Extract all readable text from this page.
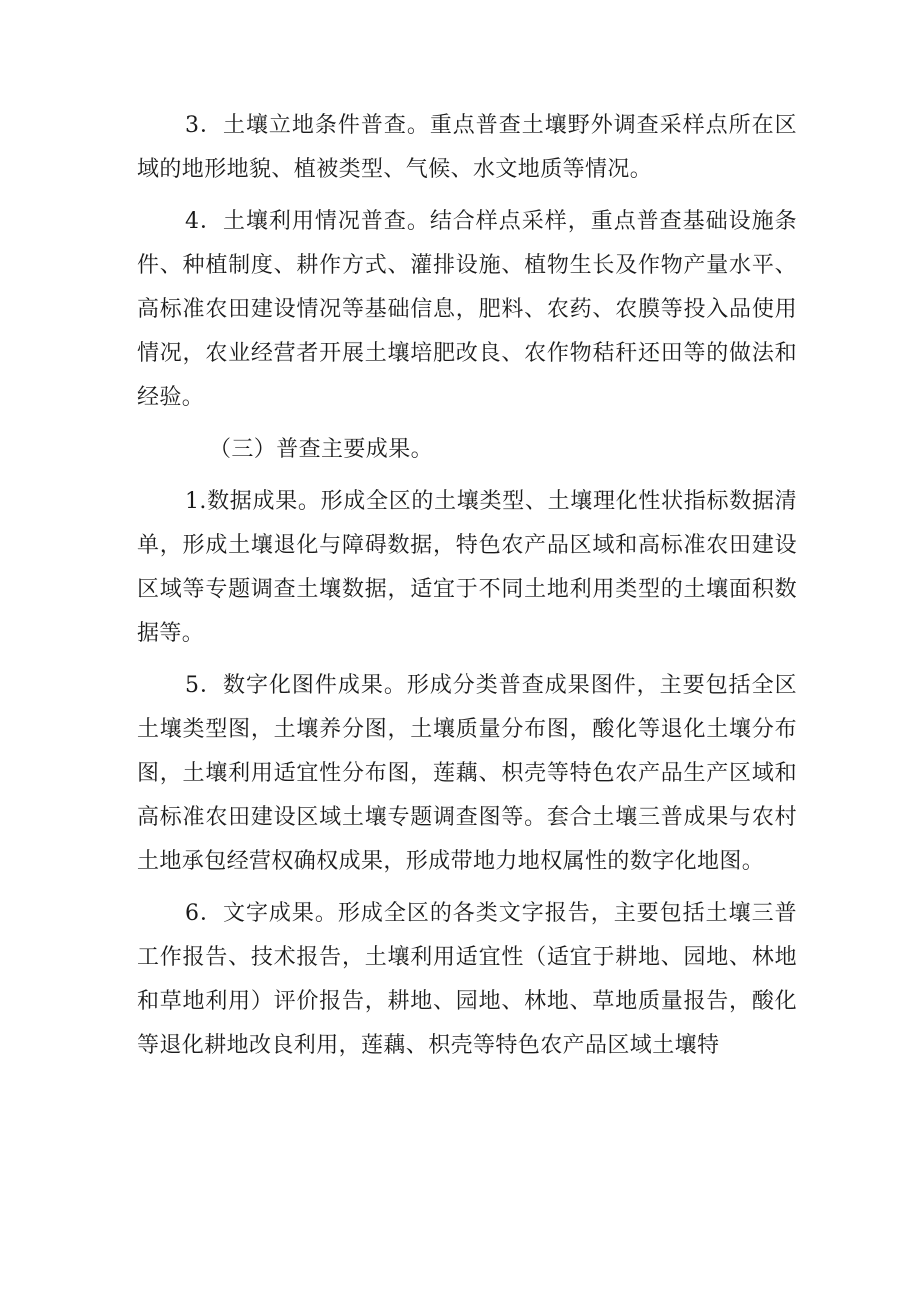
3．土壤立地条件普查。重点普查土壤野外调查采样点所在区域的地形地貌、植被类型、气候、水文地质等情况。

4．土壤利用情况普查。结合样点采样，重点普查基础设施条件、种植制度、耕作方式、灌排设施、植物生长及作物产量水平、高标准农田建设情况等基础信息，肥料、农药、农膜等投入品使用情况，农业经营者开展土壤培肥改良、农作物秸秆还田等的做法和经验。

（三）普查主要成果。

1.数据成果。形成全区的土壤类型、土壤理化性状指标数据清单，形成土壤退化与障碍数据，特色农产品区域和高标准农田建设区域等专题调查土壤数据，适宜于不同土地利用类型的土壤面积数据等。

5．数字化图件成果。形成分类普查成果图件，主要包括全区土壤类型图，土壤养分图，土壤质量分布图，酸化等退化土壤分布图，土壤利用适宜性分布图，莲藕、枳壳等特色农产品生产区域和高标准农田建设区域土壤专题调查图等。套合土壤三普成果与农村土地承包经营权确权成果，形成带地力地权属性的数字化地图。

6．文字成果。形成全区的各类文字报告，主要包括土壤三普工作报告、技术报告，土壤利用适宜性（适宜于耕地、园地、林地和草地利用）评价报告，耕地、园地、林地、草地质量报告，酸化等退化耕地改良利用，莲藕、枳壳等特色农产品区域土壤特
